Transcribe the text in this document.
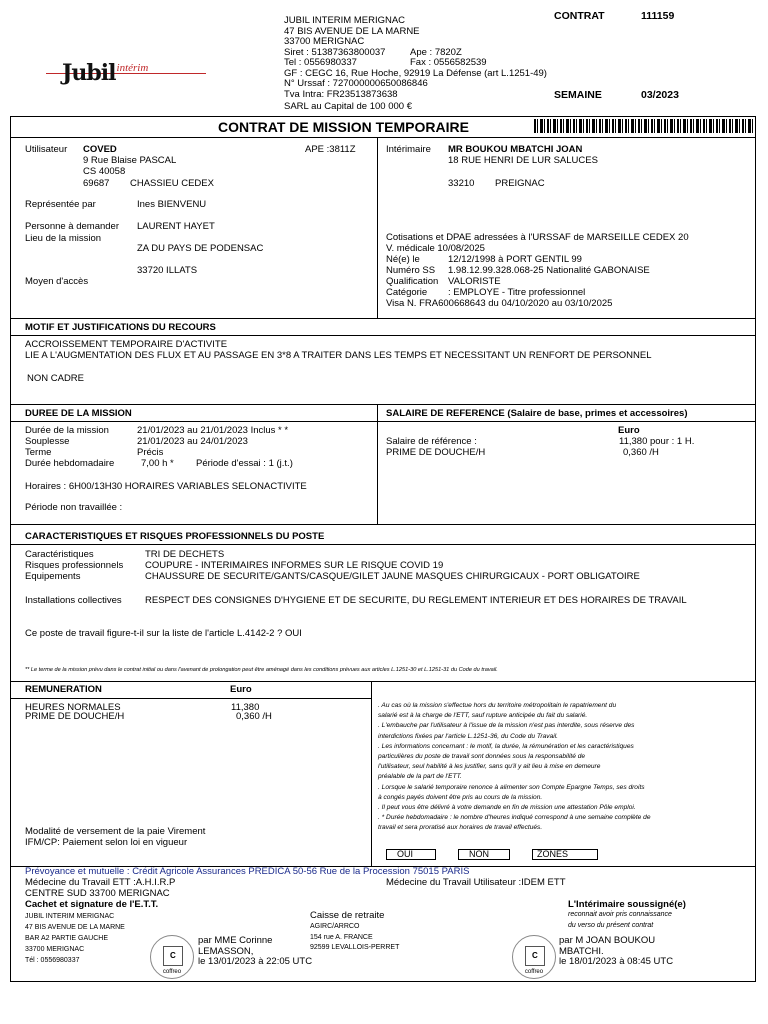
Jubil$^{intérim}$
JUBIL INTERIM MERIGNAC
47 BIS AVENUE DE LA MARNE
33700 MERIGNAC
Siret : 51387363800037	Ape : 7820Z
Tel : 0556980337	Fax : 0556582539
GF : CEGC 16, Rue Hoche, 92919 La Défense (art L.1251-49)
N° Urssaf : 727000000650086846
Tva Intra: FR23513873638
SARL au Capital de 100 000 €
CONTRAT	111159
SEMAINE	03/2023
CONTRAT DE MISSION TEMPORAIRE
Utilisateur COVED	APE :3811Z
9 Rue Blaise PASCAL
CS 40058
69687 CHASSIEU CEDEX
Représentée par	Ines BIENVENU
Personne à demander LAURENT HAYET
Lieu de la mission
ZA DU PAYS DE PODENSAC
33720 ILLATS
Moyen d'accès
Intérimaire MR BOUKOU MBATCHI JOAN
18 RUE HENRI DE LUR SALUCES
33210 PREIGNAC
Cotisations et DPAE adressées à l'URSSAF de MARSEILLE CEDEX 20
V. médicale 10/08/2025
Né(e) le	12/12/1998 à PORT GENTIL 99
Numéro SS 1.98.12.99.328.068-25 Nationalité GABONAISE
Qualification VALORISTE
Catégorie : EMPLOYE - Titre professionnel
Visa N. FRA600668643 du 04/10/2020 au 03/10/2025
MOTIF ET JUSTIFICATIONS DU RECOURS
ACCROISSEMENT TEMPORAIRE D'ACTIVITE
LIE A L'AUGMENTATION DES FLUX ET AU PASSAGE EN 3*8 A TRAITER DANS LES TEMPS ET NECESSITANT UN RENFORT DE PERSONNEL
NON CADRE
DUREE DE LA MISSION	SALAIRE DE REFERENCE (Salaire de base, primes et accessoires)
Durée de la mission	21/01/2023 au 21/01/2023 Inclus * *
Souplesse	21/01/2023 au 24/01/2023
Terme	Précis
Durée hebdomadaire	7,00 h * Période d'essai : 1 (j.t.)
Horaires : 6H00/13H30 HORAIRES VARIABLES SELONACTIVITE
Période non travaillée :
Euro
Salaire de référence :	11,380 pour : 1 H.
PRIME DE DOUCHE/H	0,360 /H
CARACTERISTIQUES ET RISQUES PROFESSIONNELS DU POSTE
Caractéristiques	TRI DE DECHETS
Risques professionnels COUPURE - INTERIMAIRES INFORMES SUR LE RISQUE COVID 19
Equipements	CHAUSSURE DE SECURITE/GANTS/CASQUE/GILET JAUNE MASQUES CHIRURGICAUX - PORT OBLIGATOIRE
Installations collectives RESPECT DES CONSIGNES D'HYGIENE ET DE SECURITE, DU REGLEMENT INTERIEUR ET DES HORAIRES DE TRAVAIL
Ce poste de travail figure-t-il sur la liste de l'article L.4142-2 ? OUI
** Le terme de la mission prévu dans le contrat initial ou dans l'avenant de prolongation peut être aménagé dans les conditions prévues aux articles L.1251-30 et L.1251-31 du Code du travail.
REMUNERATION	Euro
HEURES NORMALES	11,380
PRIME DE DOUCHE/H	0,360 /H
Modalité de versement de la paie Virement
IFM/CP: Paiement selon loi en vigueur
. Au cas où la mission s'effectue hors du territoire métropolitain le rapatriement du
salarié est à la charge de l'ETT, sauf rupture anticipée du fait du salarié.
. L'embauche par l'utilisateur à l'issue de la mission n'est pas interdite, sous réserve des
interdictions fixées par l'article L.1251-36, du Code du Travail.
. Les informations concernant : le motif, la durée, la rémunération et les caractéristiques
particulières du poste de travail sont données sous la responsabilité de
l'utilisateur, seul habilité à les justifier, sans qu'il y ait lieu à mise en demeure
préalable de la part de l'ETT.
. Lorsque le salarié temporaire renonce à alimenter son Compte Epargne Temps, ses droits
à congés payés doivent être pris au cours de la mission.
. Il peut vous être délivré à votre demande en fin de mission une attestation Pôle emploi.
. * Durée hebdomadaire : le nombre d'heures indiqué correspond à une semaine complète de
travail et sera proratisé aux horaires de travail effectués.
OUI	NON	ZONES
Prévoyance et mutuelle : Crédit Agricole Assurances PREDICA 50-56 Rue de la Procession 75015 PARIS
Médecine du Travail ETT :A.H.I.R.P	Médecine du Travail Utilisateur :IDEM ETT
CENTRE SUD 33700 MERIGNAC
Cachet et signature de l'E.T.T.
JUBIL INTERIM MERIGNAC
47 BIS AVENUE DE LA MARNE
BAR A2 PARTIE GAUCHE
33700 MERIGNAC
Tél : 0556980337
Caisse de retraite
AGIRC/ARRCO
154 rue A. FRANCE
92599 LEVALLOIS-PERRET
C
coffreo
par MME Corinne
LEMASSON,
le 13/01/2023 à 22:05 UTC
L'Intérimaire soussigné(e)
reconnait avoir pris connaissance
du verso du présent contrat
C
coffreo
par M JOAN BOUKOU
MBATCHI.
le 18/01/2023 à 08:45 UTC
